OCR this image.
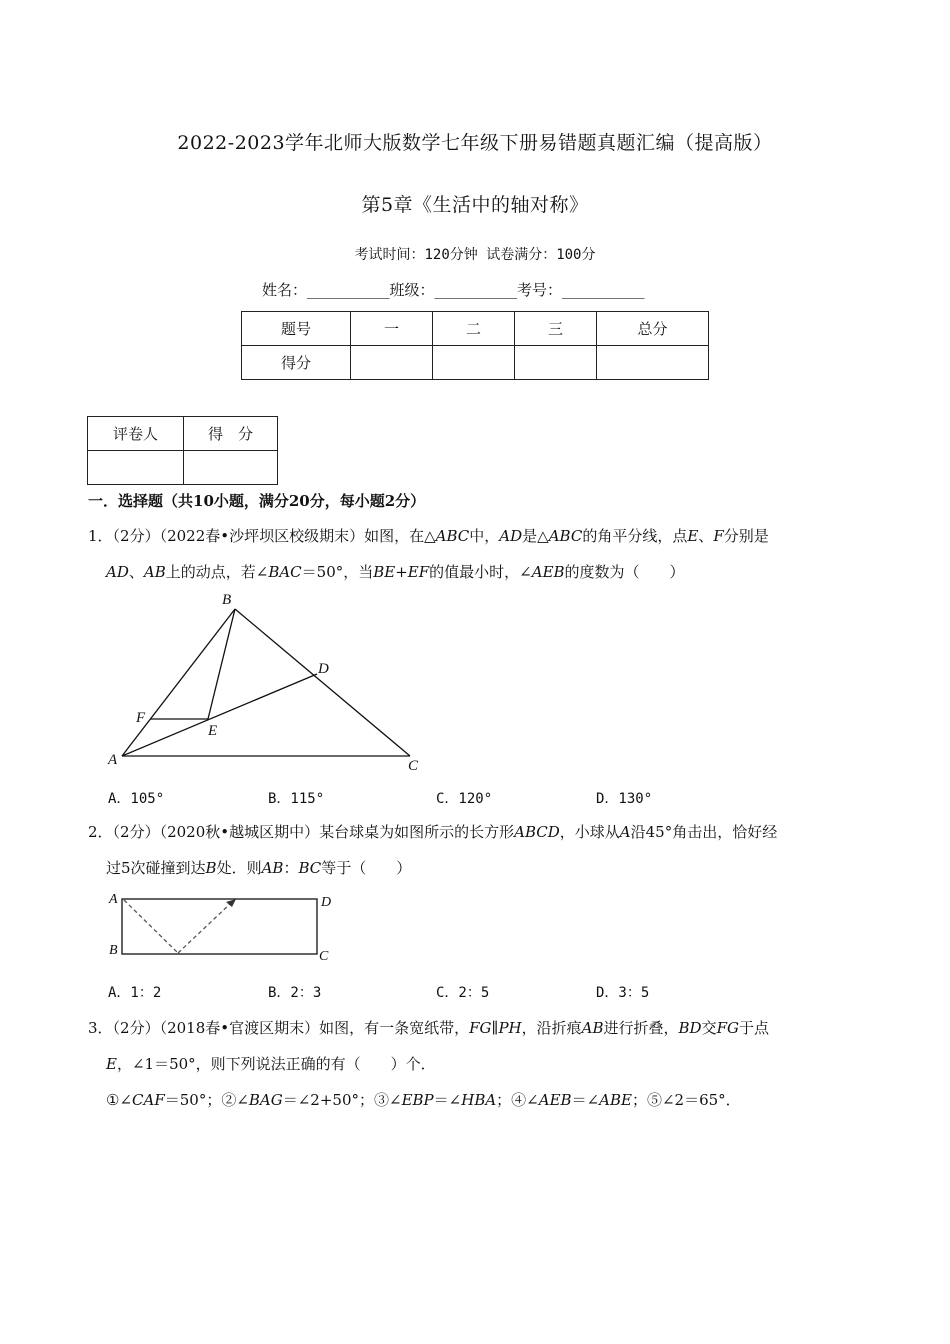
2022-2023学年北师大版数学七年级下册易错题真题汇编（提高版）
第5章《生活中的轴对称》
考试时间：120分钟 试卷满分：100分
姓名：___________班级：___________考号：___________
题号	一	二	三	总分
得分				
评卷人	得　分

一．选择题（共10小题，满分20分，每小题2分）
1．（2分）（2022春•沙坪坝区校级期末）如图，在△ABC中，AD是△ABC的角平分线，点E、F分别是
AD、AB上的动点，若∠BAC＝50°，当BE+EF的值最小时，∠AEB的度数为（　　）
B
D
F
E
A	C
A．105°	B．115°	C．120°	D．130°
2．（2分）（2020秋•越城区期中）某台球桌为如图所示的长方形ABCD，小球从A沿45°角击出，恰好经
过5次碰撞到达B处．则AB：BC等于（　　）
A	D
B	C
A．1：2	B．2：3	C．2：5	D．3：5
3．（2分）（2018春•官渡区期末）如图，有一条宽纸带，FG∥PH，沿折痕AB进行折叠，BD交FG于点
E，∠1＝50°，则下列说法正确的有（　　）个．
①∠CAF＝50°；②∠BAG＝∠2+50°；③∠EBP＝∠HBA；④∠AEB＝∠ABE；⑤∠2＝65°．
